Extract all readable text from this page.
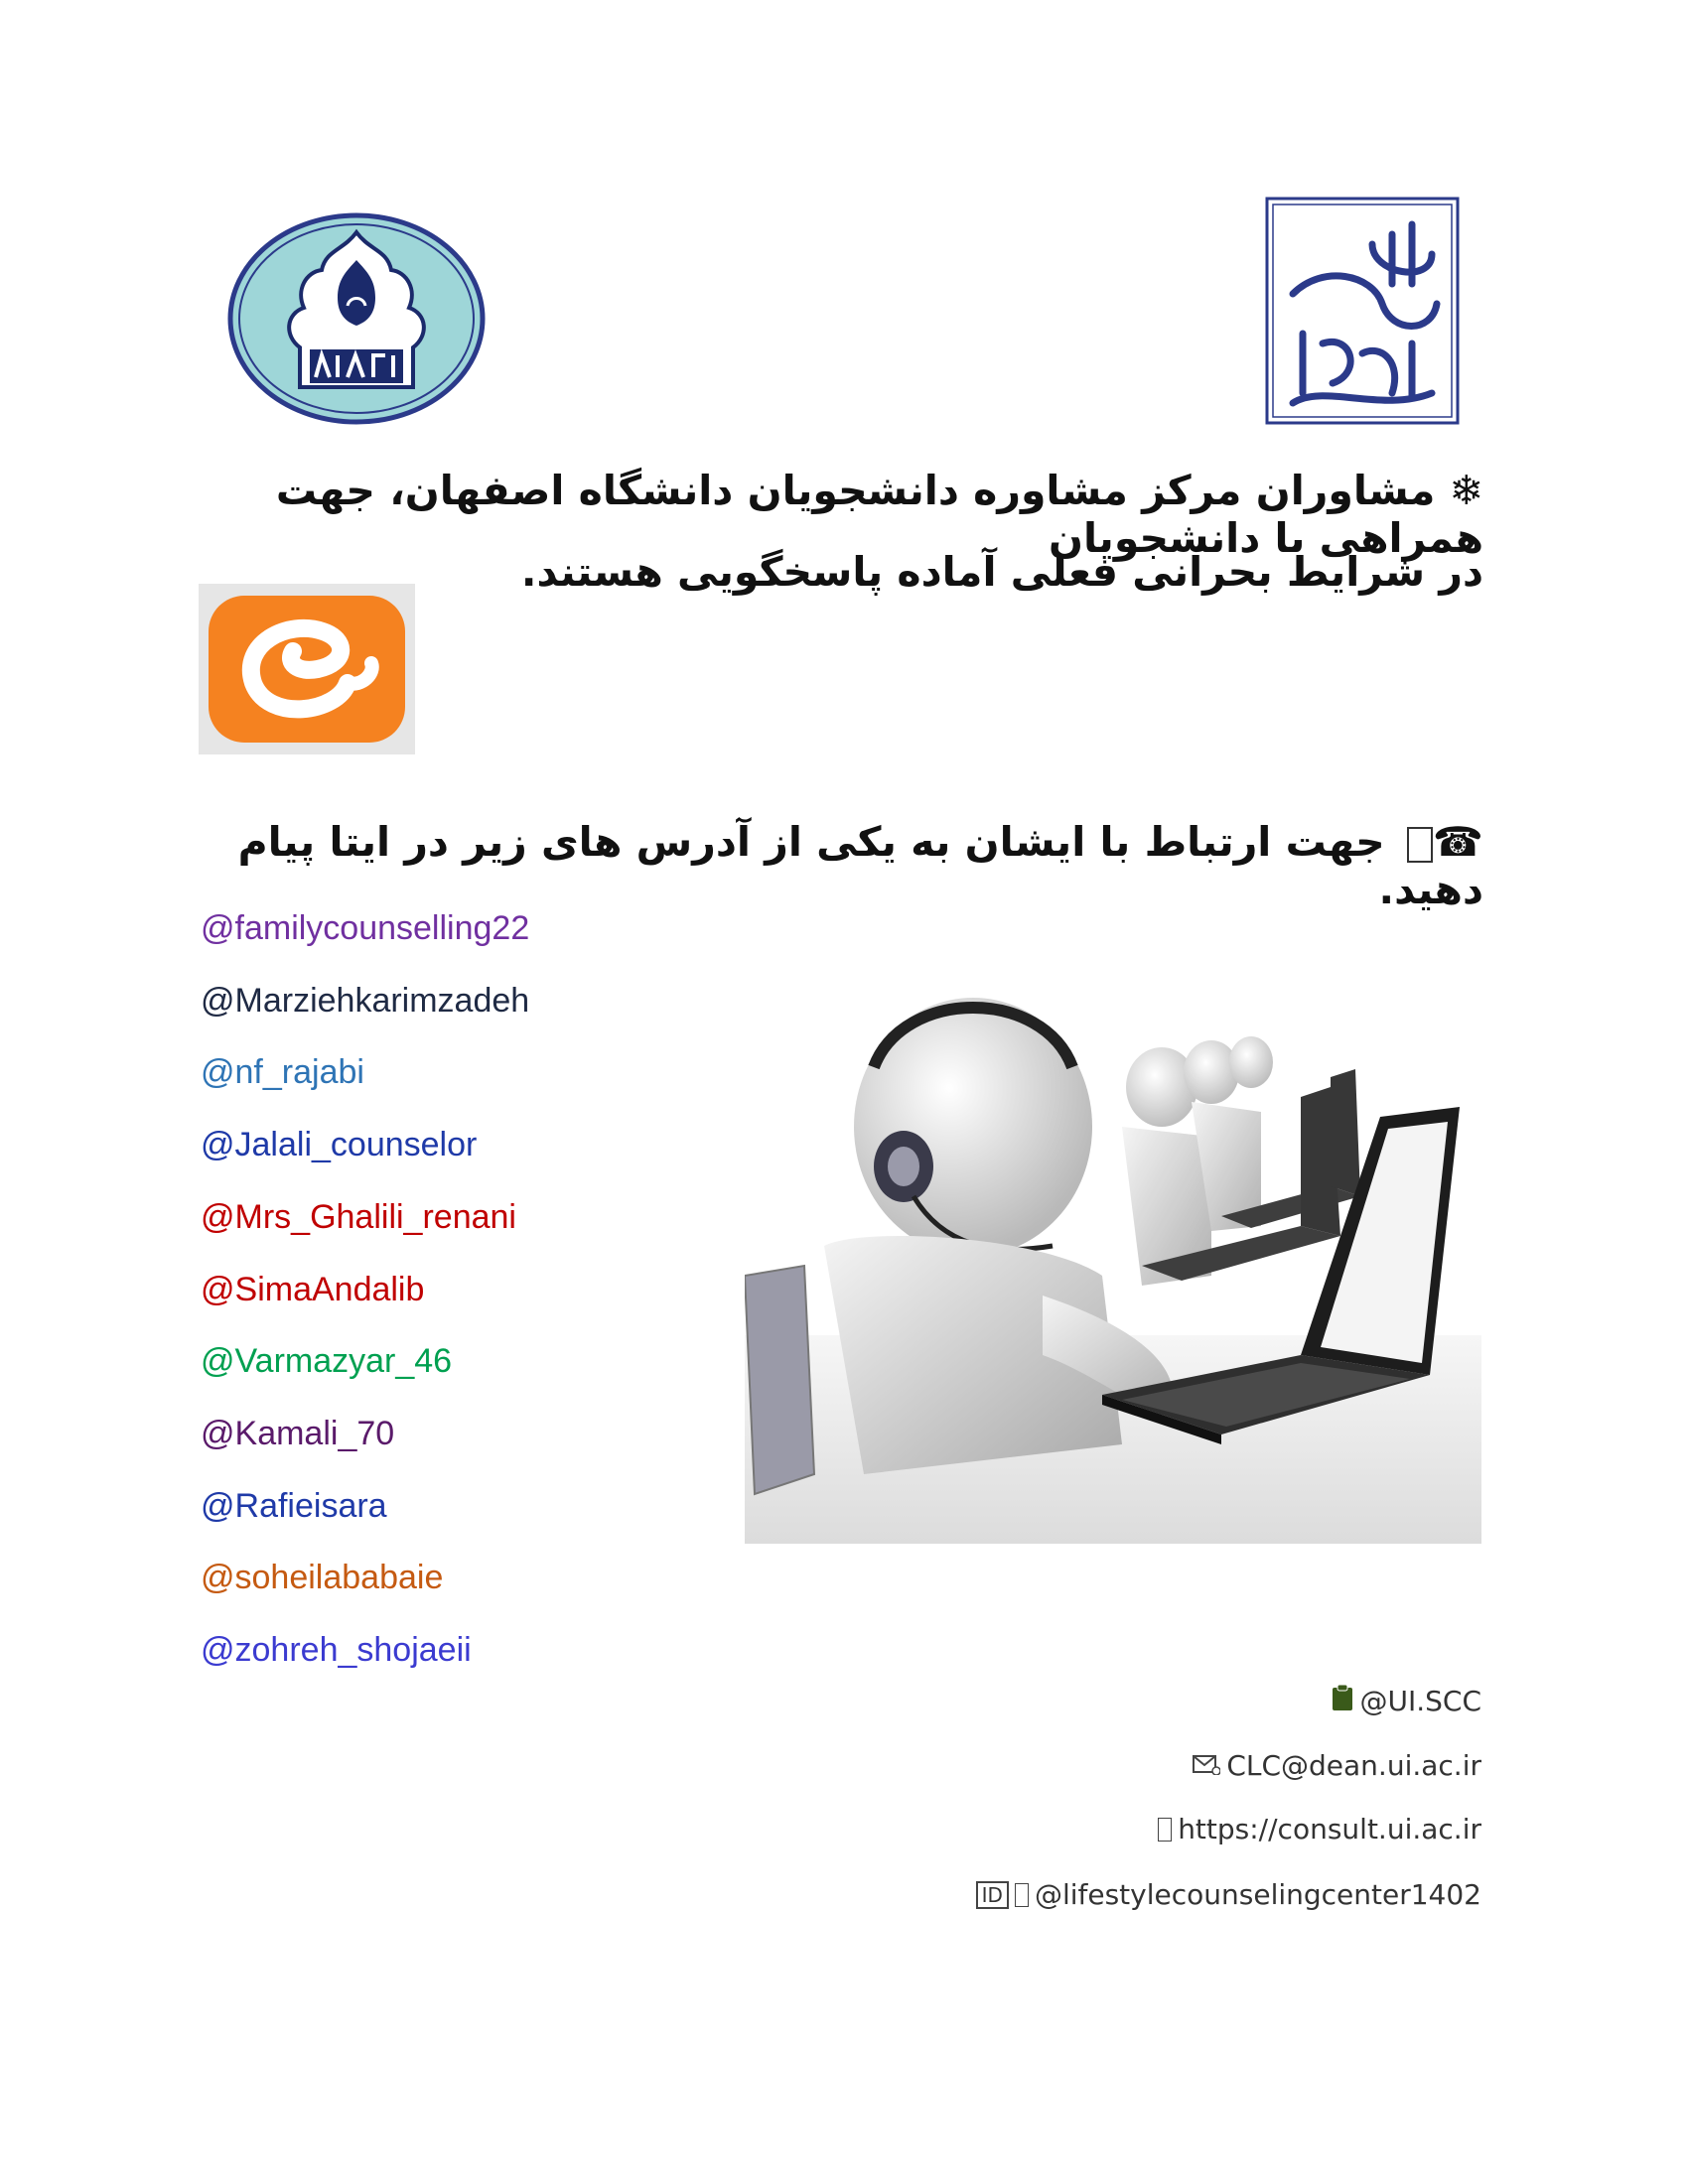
❄ مشاوران مرکز مشاوره دانشجویان دانشگاه اصفهان، جهت همراهی با دانشجویان
در شرایط بحرانی فعلی آماده پاسخگویی هستند.
☎ جهت ارتباط با ایشان به یکی از آدرس های زیر در ایتا پیام دهید.
@familycounselling22
@Marziehkarimzadeh
@nf_rajabi
@Jalali_counselor
@Mrs_Ghalili_renani
@SimaAndalib
@Varmazyar_46
@Kamali_70
@Rafieisara
@soheilababaie
@zohreh_shojaeii
@UI.SCC
CLC@dean.ui.ac.ir
https://consult.ui.ac.ir
ID @lifestylecounselingcenter1402
